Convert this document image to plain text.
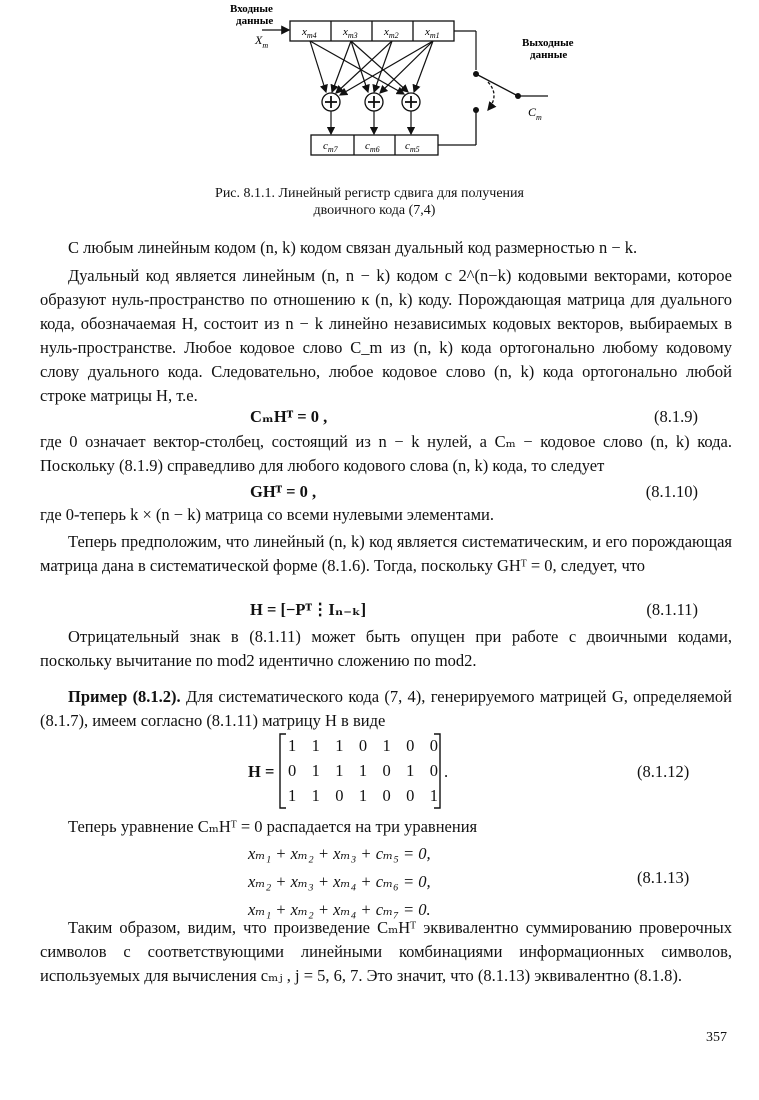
Входные
данные
$X_m$	Выходные
данные
$C_m$
$x_{m4}$ $x_{m3}$ $x_{m2}$ $x_{m1}$
$c_{m7}$ $c_{m6}$ $c_{m5}$
Рис. 8.1.1. Линейный регистр сдвига для получения
двоичного кода (7,4)
С любым линейным кодом (n, k) кодом связан дуальный код размерностью n − k.
Дуальный код является линейным (n, n − k) кодом с 2^(n−k) кодовыми векторами, которое образуют нуль-пространство по отношению к (n, k) коду. Порождающая матрица для дуального кода, обозначаемая H, состоит из n − k линейно независимых кодовых векторов, выбираемых в нуль-пространстве. Любое кодовое слово C_m из (n, k) кода ортогонально любому кодовому слову дуального кода. Следовательно, любое кодовое слово (n, k) кода ортогонально любой строке матрицы H, т.е.
CₘHᵀ = 0 ,	(8.1.9)
где 0 означает вектор-столбец, состоящий из n − k нулей, а Cₘ − кодовое слово (n, k) кода. Поскольку (8.1.9) справедливо для любого кодового слова (n, k) кода, то следует
GHᵀ = 0 ,	(8.1.10)
где 0-теперь k × (n − k) матрица со всеми нулевыми элементами.
Теперь предположим, что линейный (n, k) код является систематическим, и его порождающая матрица дана в систематической форме (8.1.6). Тогда, поскольку GHᵀ = 0, следует, что
H = [−Pᵀ⋮Iₙ₋ₖ]	(8.1.11)
Отрицательный знак в (8.1.11) может быть опущен при работе с двоичными кодами, поскольку вычитание по mod2 идентично сложению по mod2.
Пример (8.1.2). Для систематического кода (7, 4), генерируемого матрицей G, определяемой (8.1.7), имеем согласно (8.1.11) матрицу H в виде
H =
1 1 1 0 1 0 0
0 1 1 1 0 1 0
1 1 0 1 0 0 1
.	(8.1.12)
Теперь уравнение CₘHᵀ = 0 распадается на три уравнения
xₘ₁ + xₘ₂ + xₘ₃ + cₘ₅ = 0,
xₘ₂ + xₘ₃ + xₘ₄ + cₘ₆ = 0,
xₘ₁ + xₘ₂ + xₘ₄ + cₘ₇ = 0.
(8.1.13)
Таким образом, видим, что произведение CₘHᵀ эквивалентно суммированию проверочных символов с соответствующими линейными комбинациями информационных символов, используемых для вычисления cₘⱼ , j = 5, 6, 7. Это значит, что (8.1.13) эквивалентно (8.1.8).
357
